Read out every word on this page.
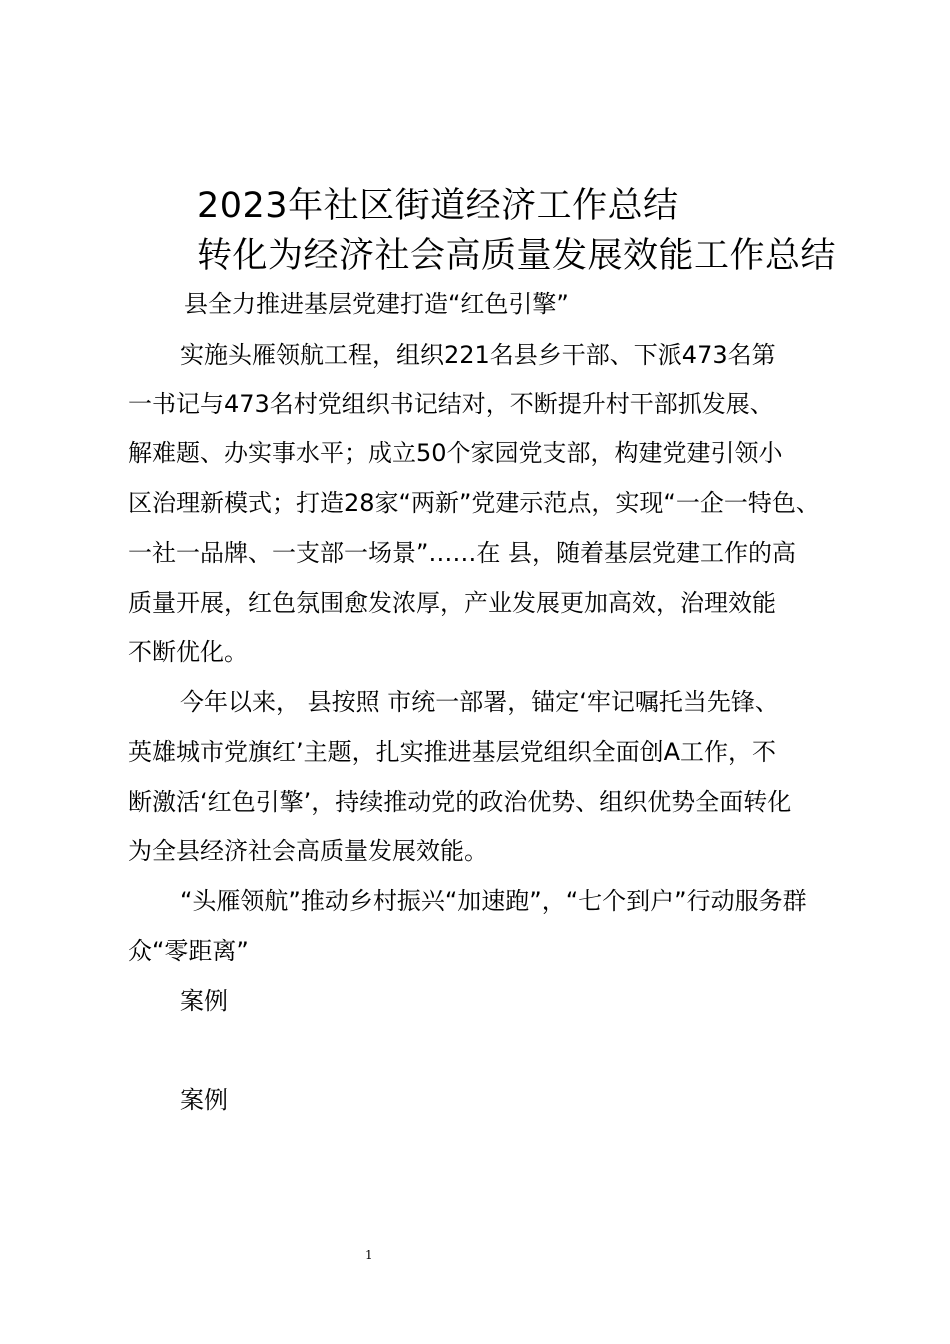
2023年社区街道经济工作总结
转化为经济社会高质量发展效能工作总结
县全力推进基层党建打造“红色引擎”
实施头雁领航工程，组织221名县乡干部、下派473名第
一书记与473名村党组织书记结对，不断提升村干部抓发展、
解难题、办实事水平；成立50个家园党支部，构建党建引领小
区治理新模式；打造28家“两新”党建示范点，实现“一企一特色、
一社一品牌、一支部一场景”……在 县，随着基层党建工作的高
质量开展，红色氛围愈发浓厚，产业发展更加高效，治理效能
不断优化。
今年以来， 县按照 市统一部署，锚定‘牢记嘱托当先锋、
英雄城市党旗红’主题，扎实推进基层党组织全面创A工作，不
断激活‘红色引擎’，持续推动党的政治优势、组织优势全面转化
为全县经济社会高质量发展效能。
“头雁领航”推动乡村振兴“加速跑”，“七个到户”行动服务群
众“零距离”
案例
案例
1
